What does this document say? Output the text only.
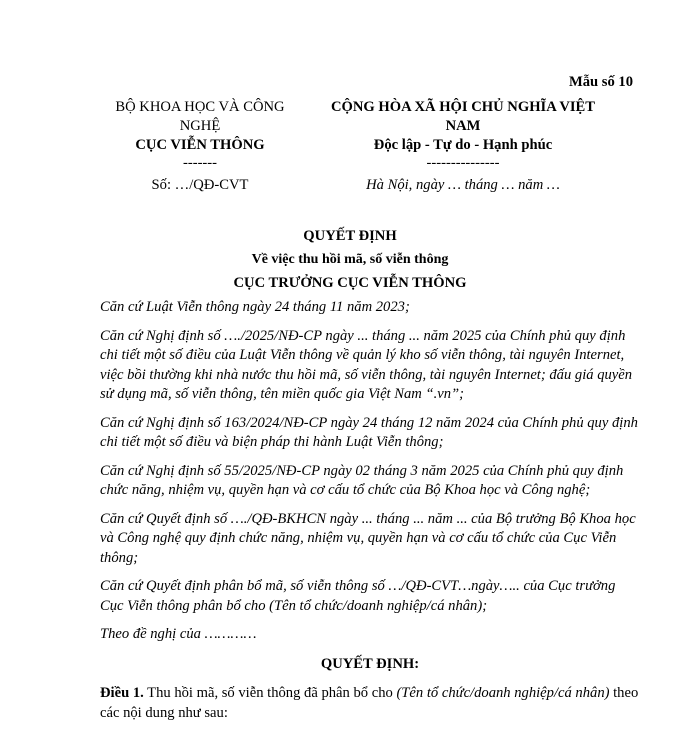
Mẫu số 10
BỘ KHOA HỌC VÀ CÔNG
NGHỆ
CỤC VIỄN THÔNG
-------
CỘNG HÒA XÃ HỘI CHỦ NGHĨA VIỆT
NAM
Độc lập - Tự do - Hạnh phúc
---------------
Số: …/QĐ-CVT	Hà Nội, ngày … tháng … năm …
QUYẾT ĐỊNH
Về việc thu hồi mã, số viễn thông
CỤC TRƯỞNG CỤC VIỄN THÔNG

Căn cứ Luật Viễn thông ngày 24 tháng 11 năm 2023;

Căn cứ Nghị định số …./2025/NĐ-CP ngày ... tháng ... năm 2025 của Chính phủ quy định chi tiết một số điều của Luật Viễn thông về quản lý kho số viễn thông, tài nguyên Internet, việc bồi thường khi nhà nước thu hồi mã, số viễn thông, tài nguyên Internet; đấu giá quyền sử dụng mã, số viễn thông, tên miền quốc gia Việt Nam “.vn”;

Căn cứ Nghị định số 163/2024/NĐ-CP ngày 24 tháng 12 năm 2024 của Chính phủ quy định chi tiết một số điều và biện pháp thi hành Luật Viễn thông;

Căn cứ Nghị định số 55/2025/NĐ-CP ngày 02 tháng 3 năm 2025 của Chính phủ quy định chức năng, nhiệm vụ, quyền hạn và cơ cấu tổ chức của Bộ Khoa học và Công nghệ;

Căn cứ Quyết định số …./QĐ-BKHCN ngày ... tháng ... năm ... của Bộ trưởng Bộ Khoa học và Công nghệ quy định chức năng, nhiệm vụ, quyền hạn và cơ cấu tổ chức của Cục Viễn thông;

Căn cứ Quyết định phân bổ mã, số viễn thông số …/QĐ-CVT…ngày….. của Cục trưởng Cục Viễn thông phân bổ cho (Tên tổ chức/doanh nghiệp/cá nhân);

Theo đề nghị của …………

QUYẾT ĐỊNH:

Điều 1. Thu hồi mã, số viễn thông đã phân bổ cho (Tên tổ chức/doanh nghiệp/cá nhân) theo các nội dung như sau:
